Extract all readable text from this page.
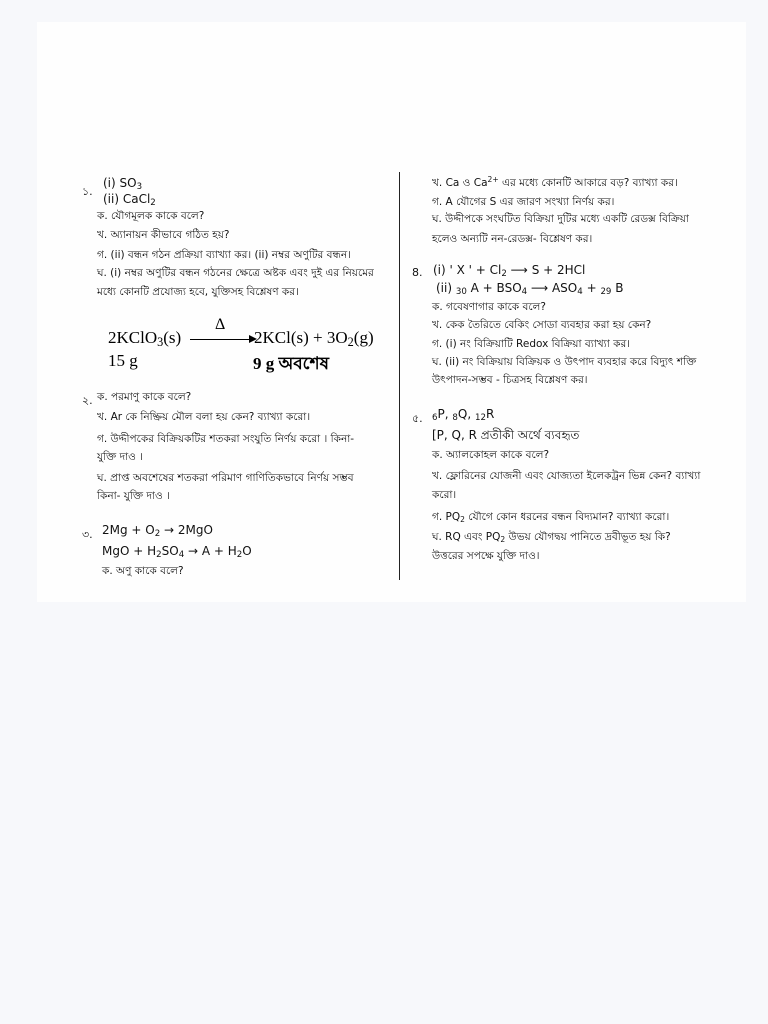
১.
(i) $SO_3$
(ii) CaCl$_2$
ক. যৌগমূলক কাকে বলে?
খ. অ্যানায়ন কীভাবে গঠিত হয়?
গ. (ii) বন্ধন গঠন প্রক্রিয়া ব্যাখ্যা কর। (ii) নম্বর অণুটির বন্ধন।
ঘ. (i) নম্বর অণুটির বন্ধন গঠনের ক্ষেত্রে অষ্টক এবং দুই এর নিয়মের
মধ্যে কোনটি প্রযোজ্য হবে, যুক্তিসহ বিশ্লেষণ কর।
2KClO$_3$(s)
Δ
$2KCl(s) + 3O_2(g)$
15 g	9 g অবশেষ
২. ক. পরমাণু কাকে বলে?
খ. Ar কে নিষ্ক্রিয় মৌল বলা হয় কেন? ব্যাখ্যা করো।
গ. উদ্দীপকের বিক্রিয়কটির শতকরা সংযুতি নির্ণয় করো । কিনা-
যুক্তি দাও ।
ঘ. প্রাপ্ত অবশেষের শতকরা পরিমাণ গাণিতিকভাবে নির্ণয় সম্ভব
কিনা- যুক্তি দাও ।
৩. $2Mg + O_2 \to 2MgO$
MgO + $H_2SO_4 \to A + H_2O$
ক. অণু কাকে বলে?
খ. Ca ও $Ca^{2+}$ এর মধ্যে কোনটি আকারে বড়? ব্যাখ্যা কর।
গ. A যৌগের S এর জারণ সংখ্যা নির্ণয় কর।
ঘ. উদ্দীপকে সংঘটিত বিক্রিয়া দুটির মধ্যে একটি রেডক্স বিক্রিয়া
হলেও অন্যটি নন-রেডক্স- বিশ্লেষণ কর।
8. (i) ' X ' + $Cl_2$ ⟶ S + 2HCl
(ii) $_{30}$ $A + BSO_4$ ⟶ $ASO_4 + _{29}$ B
ক. গবেষণাগার কাকে বলে?
খ. কেক তৈরিতে বেকিং সোডা ব্যবহার করা হয় কেন?
গ. (i) নং বিক্রিয়াটি Redox বিক্রিয়া ব্যাখ্যা কর।
ঘ. (ii) নং বিক্রিয়ায় বিক্রিয়ক ও উৎপাদ ব্যবহার করে বিদ্যুৎ শক্তি
উৎপাদন-সম্ভব - চিত্রসহ বিশ্লেষণ কর।
৫. $_6$P, $_8$Q, $_{12}$R
[P, Q, R প্রতীকী অর্থে ব্যবহৃত
ক. অ্যালকোহল কাকে বলে?
খ. ফ্লোরিনের যোজনী এবং যোজ্যতা ইলেকট্রন ভিন্ন কেন? ব্যাখ্যা
করো।
গ. $PQ_2$ যৌগে কোন ধরনের বন্ধন বিদ্যমান? ব্যাখ্যা করো।
ঘ. RQ এবং $PQ_2$ উভয় যৌগদ্বয় পানিতে দ্রবীভূত হয় কি?
উত্তরের সপক্ষে যুক্তি দাও।
